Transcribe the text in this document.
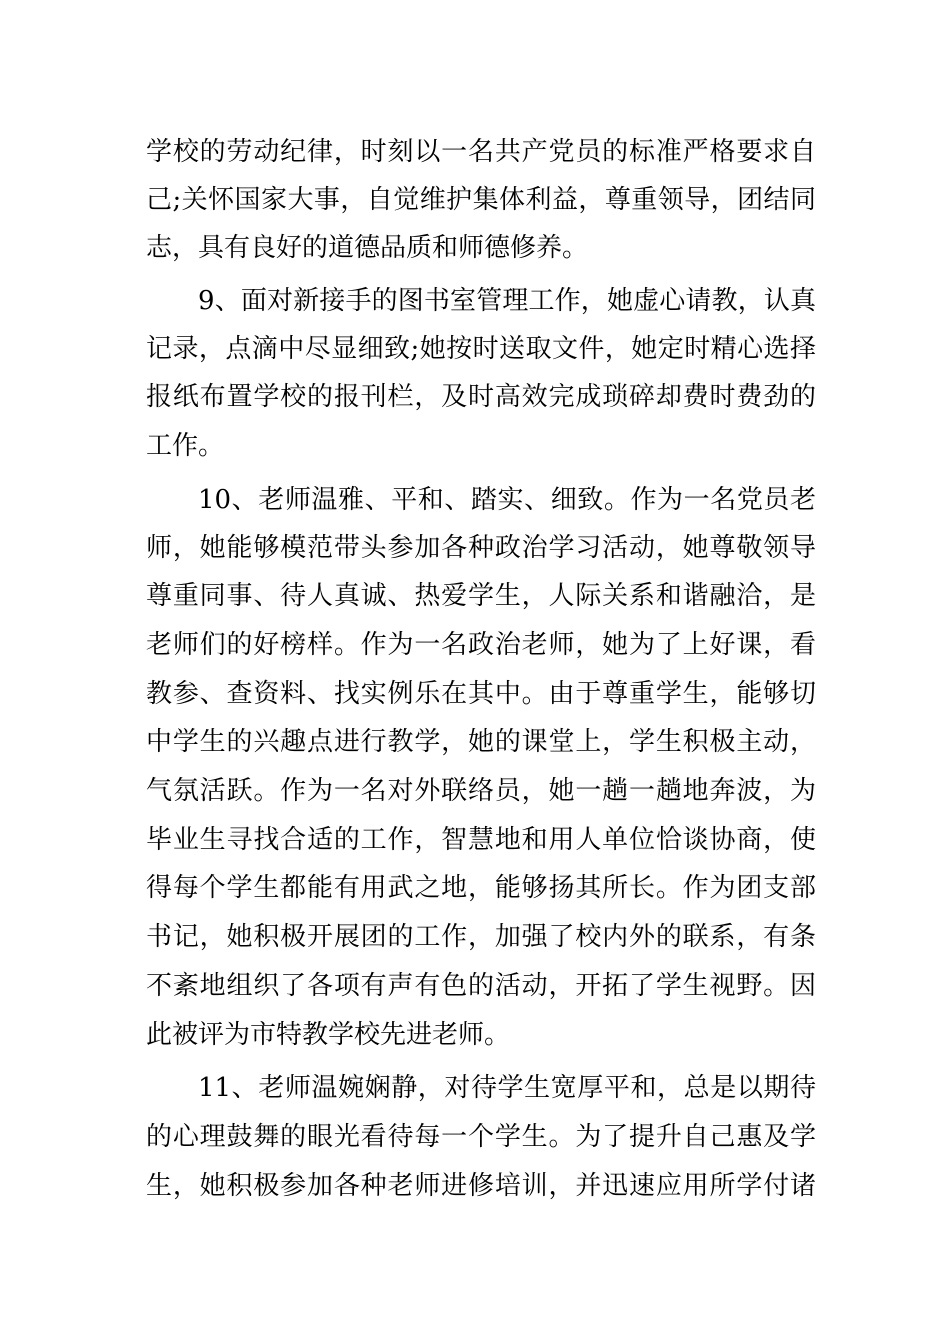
学校的劳动纪律，时刻以一名共产党员的标准严格要求自
己;关怀国家大事，自觉维护集体利益，尊重领导，团结同
志，具有良好的道德品质和师德修养。
9、面对新接手的图书室管理工作，她虚心请教，认真
记录，点滴中尽显细致;她按时送取文件，她定时精心选择
报纸布置学校的报刊栏，及时高效完成琐碎却费时费劲的
工作。
10、老师温雅、平和、踏实、细致。作为一名党员老
师，她能够模范带头参加各种政治学习活动，她尊敬领导
尊重同事、待人真诚、热爱学生，人际关系和谐融洽，是
老师们的好榜样。作为一名政治老师，她为了上好课，看
教参、查资料、找实例乐在其中。由于尊重学生，能够切
中学生的兴趣点进行教学，她的课堂上，学生积极主动，
气氛活跃。作为一名对外联络员，她一趟一趟地奔波，为
毕业生寻找合适的工作，智慧地和用人单位恰谈协商，使
得每个学生都能有用武之地，能够扬其所长。作为团支部
书记，她积极开展团的工作，加强了校内外的联系，有条
不紊地组织了各项有声有色的活动，开拓了学生视野。因
此被评为市特教学校先进老师。
11、老师温婉娴静，对待学生宽厚平和，总是以期待
的心理鼓舞的眼光看待每一个学生。为了提升自己惠及学
生，她积极参加各种老师进修培训，并迅速应用所学付诸
